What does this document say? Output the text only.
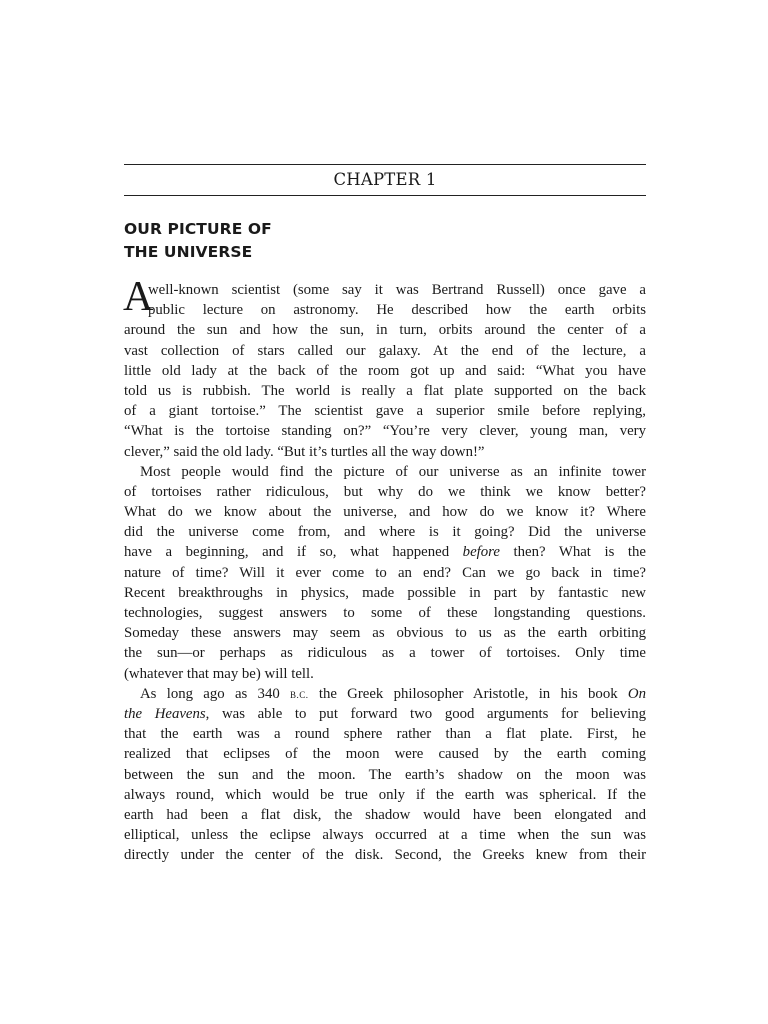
CHAPTER 1
OUR PICTURE OF
THE UNIVERSE
A
well-known scientist (some say it was Bertrand Russell) once gave a
public lecture on astronomy. He described how the earth orbits
around the sun and how the sun, in turn, orbits around the center of a
vast collection of stars called our galaxy. At the end of the lecture, a
little old lady at the back of the room got up and said: “What you have
told us is rubbish. The world is really a flat plate supported on the back
of a giant tortoise.” The scientist gave a superior smile before replying,
“What is the tortoise standing on?” “You’re very clever, young man, very
clever,” said the old lady. “But it’s turtles all the way down!”
Most people would find the picture of our universe as an infinite tower
of tortoises rather ridiculous, but why do we think we know better?
What do we know about the universe, and how do we know it? Where
did the universe come from, and where is it going? Did the universe
have a beginning, and if so, what happened before then? What is the
nature of time? Will it ever come to an end? Can we go back in time?
Recent breakthroughs in physics, made possible in part by fantastic new
technologies, suggest answers to some of these longstanding questions.
Someday these answers may seem as obvious to us as the earth orbiting
the sun—or perhaps as ridiculous as a tower of tortoises. Only time
(whatever that may be) will tell.
As long ago as 340 B.C. the Greek philosopher Aristotle, in his book On
the Heavens, was able to put forward two good arguments for believing
that the earth was a round sphere rather than a flat plate. First, he
realized that eclipses of the moon were caused by the earth coming
between the sun and the moon. The earth’s shadow on the moon was
always round, which would be true only if the earth was spherical. If the
earth had been a flat disk, the shadow would have been elongated and
elliptical, unless the eclipse always occurred at a time when the sun was
directly under the center of the disk. Second, the Greeks knew from their
